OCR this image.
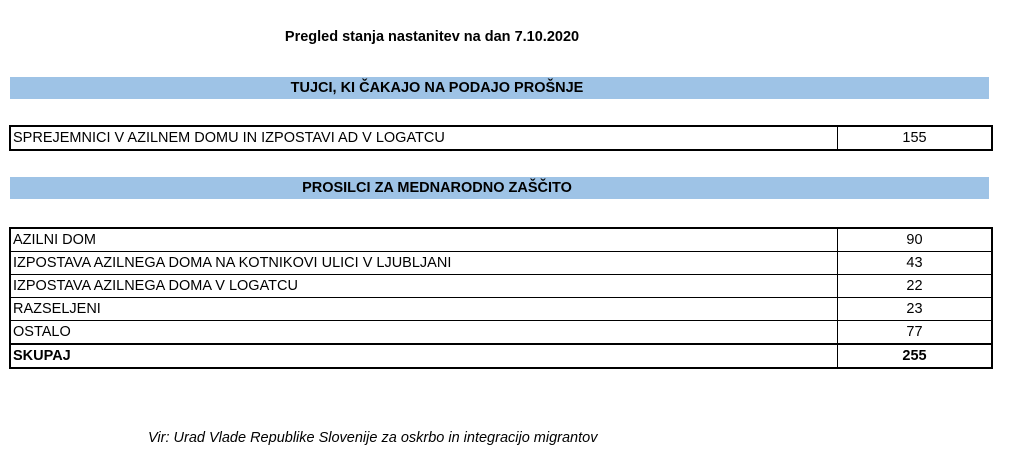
Pregled stanja nastanitev na dan 7.10.2020
TUJCI, KI ČAKAJO NA PODAJO PROŠNJE
SPREJEMNICI V AZILNEM DOMU IN IZPOSTAVI AD V LOGATCU	155
PROSILCI ZA MEDNARODNO ZAŠČITO
AZILNI DOM	90
IZPOSTAVA AZILNEGA DOMA NA KOTNIKOVI ULICI V LJUBLJANI	43
IZPOSTAVA AZILNEGA DOMA V LOGATCU	22
RAZSELJENI	23
OSTALO	77
SKUPAJ	255
Vir: Urad Vlade Republike Slovenije za oskrbo in integracijo migrantov
